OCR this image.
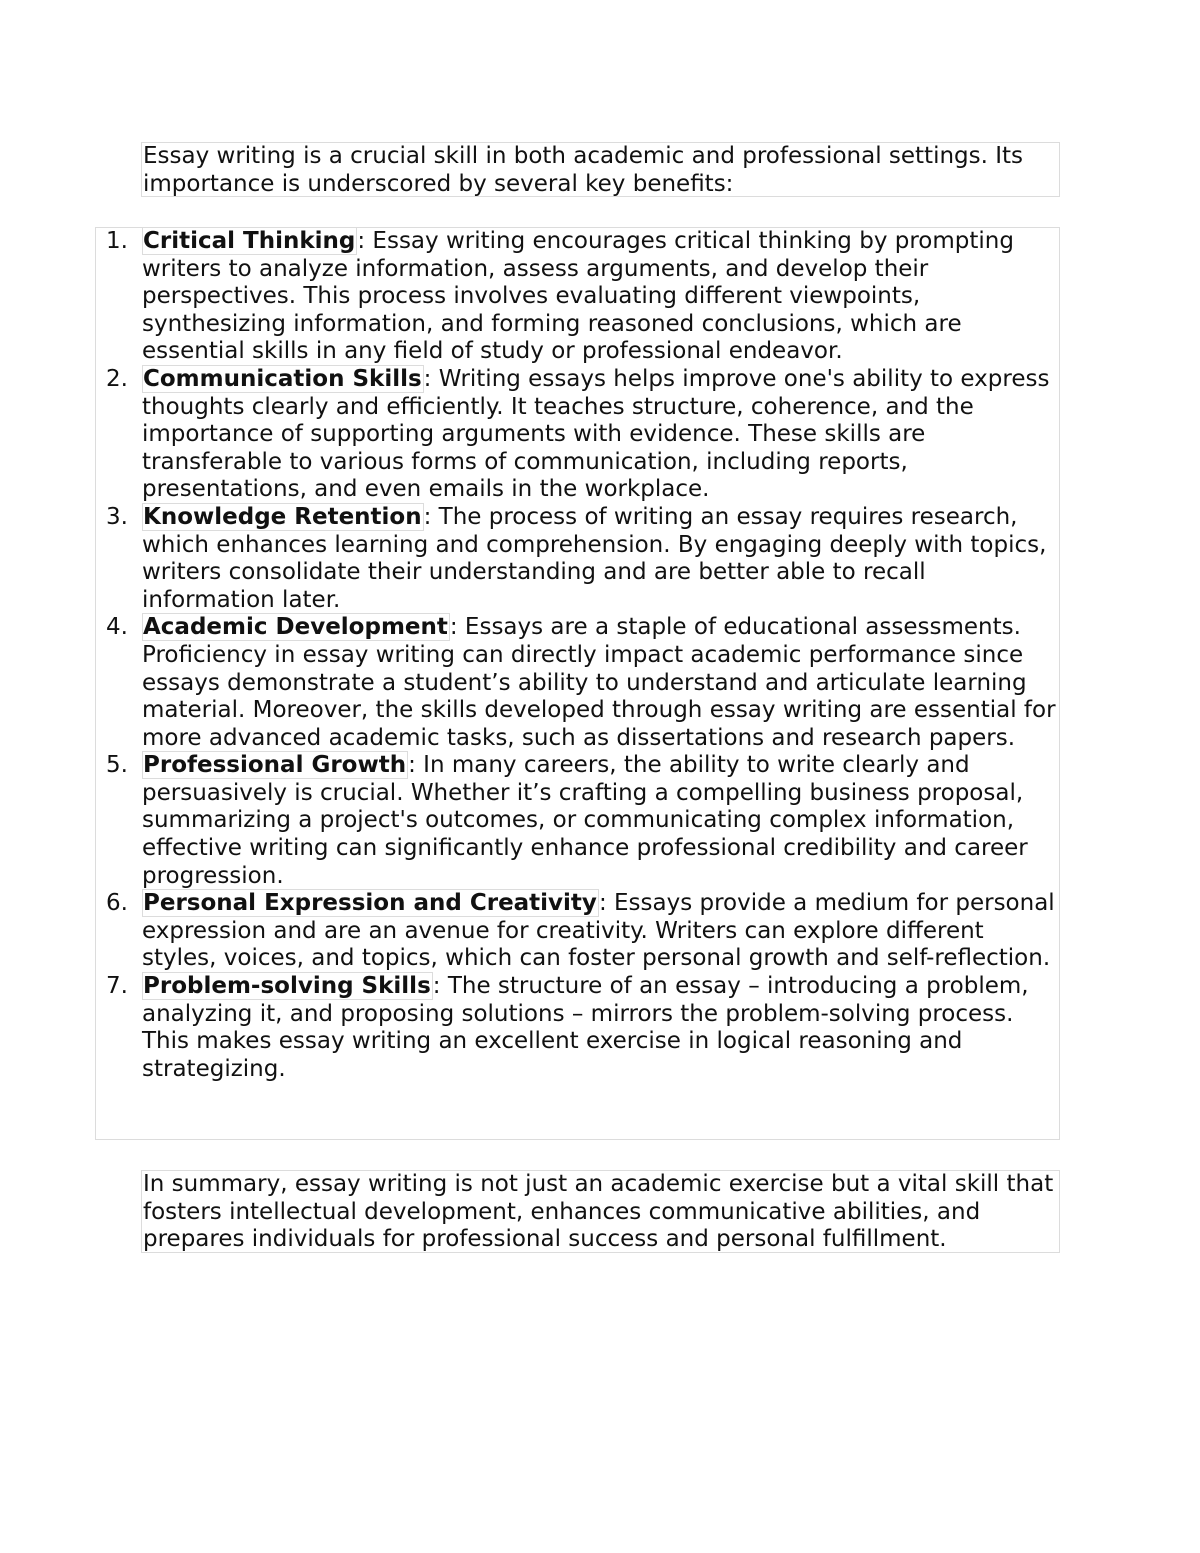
Essay writing is a crucial skill in both academic and professional settings. Its importance is underscored by several key benefits:

1. Critical Thinking: Essay writing encourages critical thinking by prompting writers to analyze information, assess arguments, and develop their perspectives. This process involves evaluating different viewpoints, synthesizing information, and forming reasoned conclusions, which are essential skills in any field of study or professional endeavor.
2. Communication Skills: Writing essays helps improve one's ability to express thoughts clearly and efficiently. It teaches structure, coherence, and the importance of supporting arguments with evidence. These skills are transferable to various forms of communication, including reports, presentations, and even emails in the workplace.
3. Knowledge Retention: The process of writing an essay requires research, which enhances learning and comprehension. By engaging deeply with topics, writers consolidate their understanding and are better able to recall information later.
4. Academic Development: Essays are a staple of educational assessments. Proficiency in essay writing can directly impact academic performance since essays demonstrate a student’s ability to understand and articulate learning material. Moreover, the skills developed through essay writing are essential for more advanced academic tasks, such as dissertations and research papers.
5. Professional Growth: In many careers, the ability to write clearly and persuasively is crucial. Whether it’s crafting a compelling business proposal, summarizing a project's outcomes, or communicating complex information, effective writing can significantly enhance professional credibility and career progression.
6. Personal Expression and Creativity: Essays provide a medium for personal expression and are an avenue for creativity. Writers can explore different styles, voices, and topics, which can foster personal growth and self-reflection.
7. Problem-solving Skills: The structure of an essay – introducing a problem, analyzing it, and proposing solutions – mirrors the problem-solving process. This makes essay writing an excellent exercise in logical reasoning and strategizing.

In summary, essay writing is not just an academic exercise but a vital skill that fosters intellectual development, enhances communicative abilities, and prepares individuals for professional success and personal fulfillment.
